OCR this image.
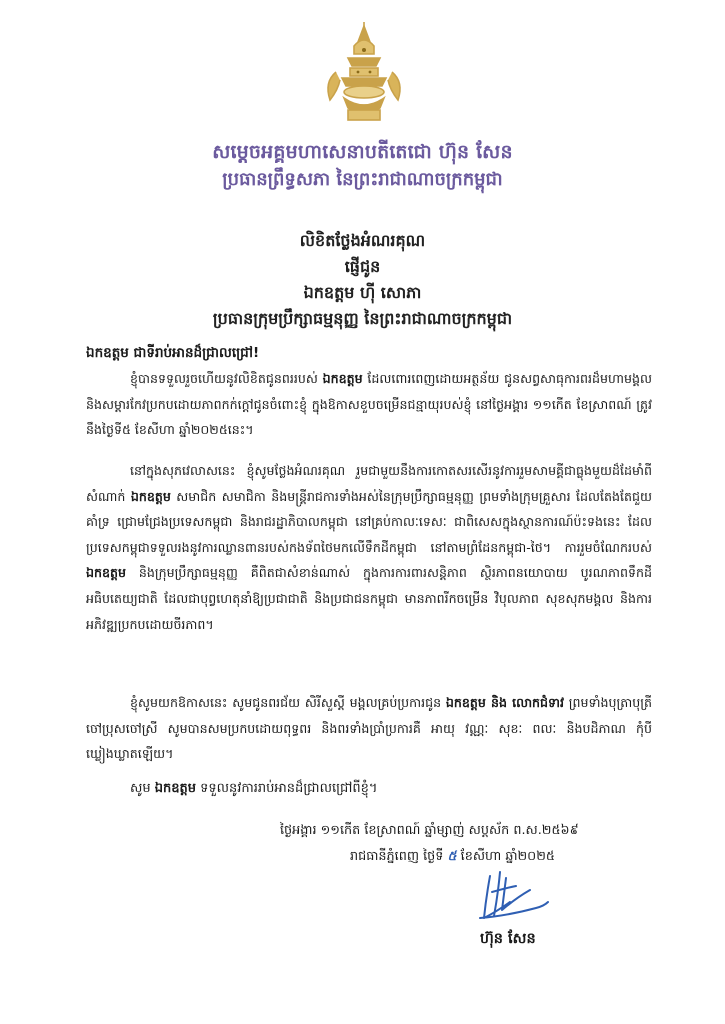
សម្តេចអគ្គមហាសេនាបតីតេជោ ហ៊ុន សែន
ប្រធានព្រឹទ្ធសភា នៃព្រះរាជាណាចក្រកម្ពុជា
លិខិតថ្លែងអំណរគុណ
ផ្ញើជូន
ឯកឧត្តម ហ៊ី សោភា
ប្រធានក្រុមប្រឹក្សាធម្មនុញ្ញ នៃព្រះរាជាណាចក្រកម្ពុជា
ឯកឧត្តម ជាទីរាប់អានដ៏ជ្រាលជ្រៅ!

ខ្ញុំបានទទួលរួចហើយនូវលិខិតជូនពររបស់ ឯកឧត្តម ដែលពោរពេញដោយអត្ថន័យ ជូនសព្វសាធុការពរដ៏មហាមង្គល និងសម្តារកែវប្រកបដោយភាពកក់ក្តៅជូនចំពោះខ្ញុំ ក្នុងឱកាសខួបចម្រើនជន្មាយុរបស់ខ្ញុំ នៅថ្ងៃអង្គារ ១១កើត ខែស្រាពណ៍ ត្រូវនឹងថ្ងៃទី៥ ខែសីហា ឆ្នាំ២០២៥នេះ។

នៅក្នុងសុភវេលាសនេះ ខ្ញុំសូមថ្លែងអំណរគុណ រួមជាមួយនឹងការកោតសរសើរនូវការរួមសាមគ្គីជាធ្លុងមួយដ៏ដែមាំពីសំណាក់ ឯកឧត្តម សមាជិក សមាជិកា និងមន្ត្រីរាជការទាំងអស់នៃក្រុមប្រឹក្សាធម្មនុញ្ញ ព្រមទាំងក្រុមគ្រួសារ ដែលតែងតែជួយគាំទ្រ ជ្រោមជ្រែងប្រទេសកម្ពុជា និងរាជរដ្ឋាភិបាលកម្ពុជា នៅគ្រប់កាលៈទេសៈ ជាពិសេសក្នុងស្ថានការណ៍ប៉ះទងនេះ ដែលប្រទេសកម្ពុជាទទួលរងនូវការឈ្លានពានរបស់កងទ័ពថៃមកលើទឹកដីកម្ពុជា នៅតាមព្រំដែនកម្ពុជា-ថៃ។ ការរួមចំណែករបស់ ឯកឧត្តម និងក្រុមប្រឹក្សាធម្មនុញ្ញ គឺពិតជាសំខាន់ណាស់ ក្នុងការការពារសន្តិភាព ស្ថិរភាពនយោបាយ បូរណភាពទឹកដី អធិបតេយ្យជាតិ ដែលជាបុព្វហេតុនាំឱ្យប្រជាជាតិ និងប្រជាជនកម្ពុជា មានភាពរីកចម្រើន វិបុលភាព សុខសុភមង្គល និងការអភិវឌ្ឍប្រកបដោយចីរភាព។

ខ្ញុំសូមយកឱកាសនេះ សូមជូនពរជ័យ សិរីសួស្តី មង្គលគ្រប់ប្រការជូន ឯកឧត្តម និង លោកជំទាវ ព្រមទាំងបុត្រាបុត្រី ចៅប្រុសចៅស្រី សូមបានសមប្រកបដោយពុទ្ធពរ និងពរទាំងប្រាំប្រការគឺ អាយុ វណ្ណៈ សុខៈ ពលៈ និងបដិភាណ កុំបីឃ្លៀងឃ្លាតឡើយ។

សូម ឯកឧត្តម ទទួលនូវការរាប់អានដ៏ជ្រាលជ្រៅពីខ្ញុំ។
ថ្ងៃអង្គារ ១១កើត ខែស្រាពណ៍ ឆ្នាំម្សាញ់ សប្តស័ក ព.ស.២៥៦៩
រាជធានីភ្នំពេញ ថ្ងៃទី ៥ ខែសីហា ឆ្នាំ២០២៥
ហ៊ុន សែន
